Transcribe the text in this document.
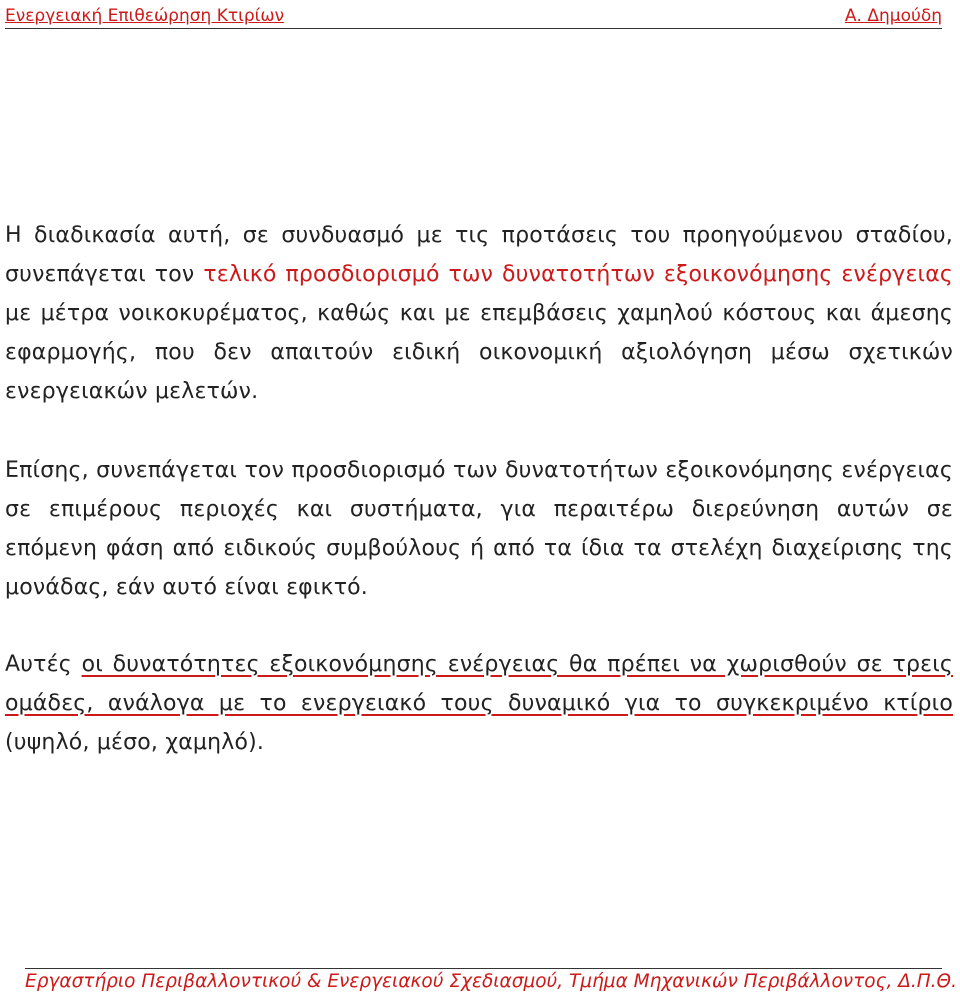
Ενεργειακή Επιθεώρηση Κτιρίων	Α. Δημούδη

Η διαδικασία αυτή, σε συνδυασμό με τις προτάσεις του προηγούμενου σταδίου, συνεπάγεται τον τελικό προσδιορισμό των δυνατοτήτων εξοικονόμησης ενέργειας με μέτρα νοικοκυρέματος, καθώς και με επεμβάσεις χαμηλού κόστους και άμεσης εφαρμογής, που δεν απαιτούν ειδική οικονομική αξιολόγηση μέσω σχετικών ενεργειακών μελετών.

Επίσης, συνεπάγεται τον προσδιορισμό των δυνατοτήτων εξοικονόμησης ενέργειας σε επιμέρους περιοχές και συστήματα, για περαιτέρω διερεύνηση αυτών σε επόμενη φάση από ειδικούς συμβούλους ή από τα ίδια τα στελέχη διαχείρισης της μονάδας, εάν αυτό είναι εφικτό.

Αυτές οι δυνατότητες εξοικονόμησης ενέργειας θα πρέπει να χωρισθούν σε τρεις ομάδες, ανάλογα με το ενεργειακό τους δυναμικό για το συγκεκριμένο κτίριο (υψηλό, μέσο, χαμηλό).

Εργαστήριο Περιβαλλοντικού & Ενεργειακού Σχεδιασμού, Τμήμα Μηχανικών Περιβάλλοντος, Δ.Π.Θ.
